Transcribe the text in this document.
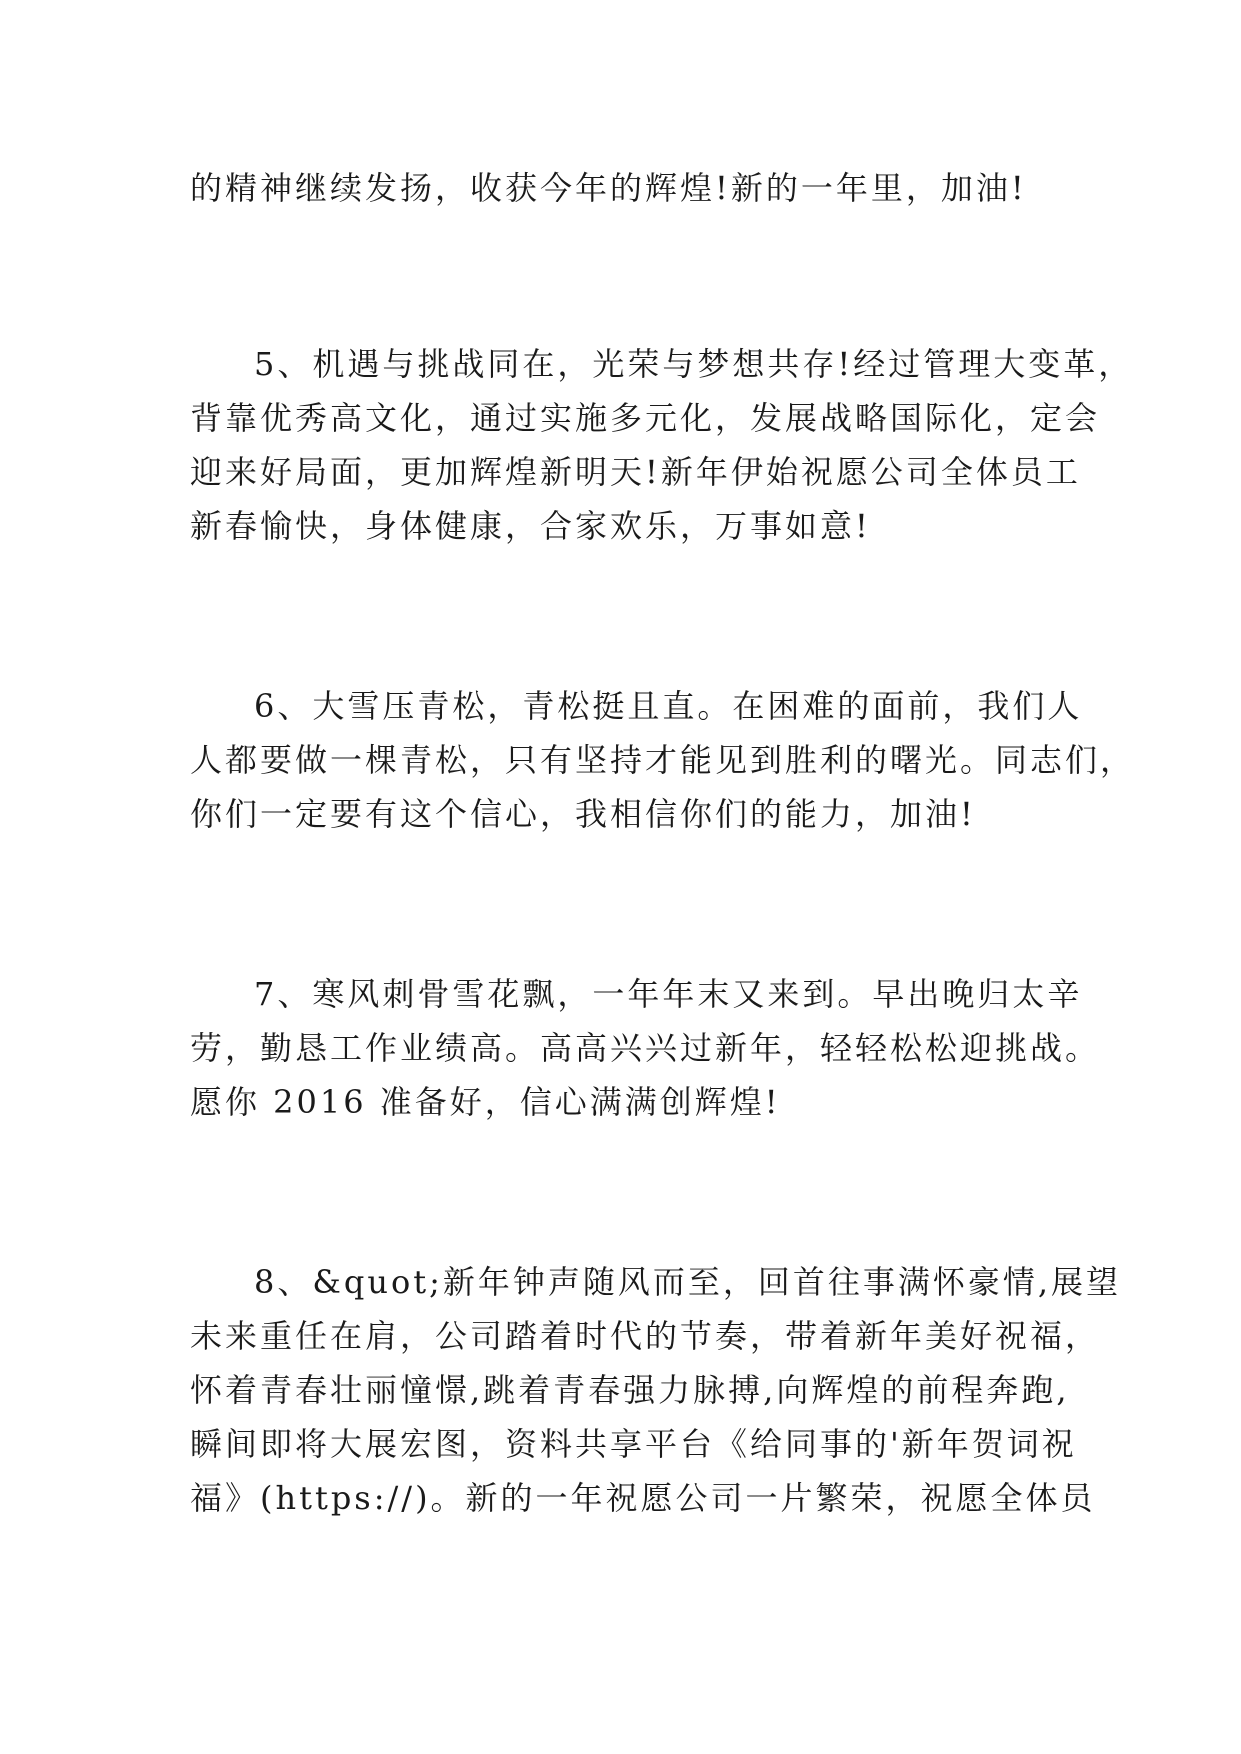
的精神继续发扬，收获今年的辉煌!新的一年里，加油!
5、机遇与挑战同在，光荣与梦想共存!经过管理大变革，
背靠优秀高文化，通过实施多元化，发展战略国际化，定会
迎来好局面，更加辉煌新明天!新年伊始祝愿公司全体员工
新春愉快，身体健康，合家欢乐，万事如意!
6、大雪压青松，青松挺且直。在困难的面前，我们人
人都要做一棵青松，只有坚持才能见到胜利的曙光。同志们，
你们一定要有这个信心，我相信你们的能力，加油!
7、寒风刺骨雪花飘，一年年末又来到。早出晚归太辛
劳，勤恳工作业绩高。高高兴兴过新年，轻轻松松迎挑战。
愿你 2016 准备好，信心满满创辉煌!
8、&quot;新年钟声随风而至，回首往事满怀豪情,展望
未来重任在肩，公司踏着时代的节奏，带着新年美好祝福，
怀着青春壮丽憧憬,跳着青春强力脉搏,向辉煌的前程奔跑,
瞬间即将大展宏图，资料共享平台《给同事的'新年贺词祝
福》(https://)。新的一年祝愿公司一片繁荣，祝愿全体员
